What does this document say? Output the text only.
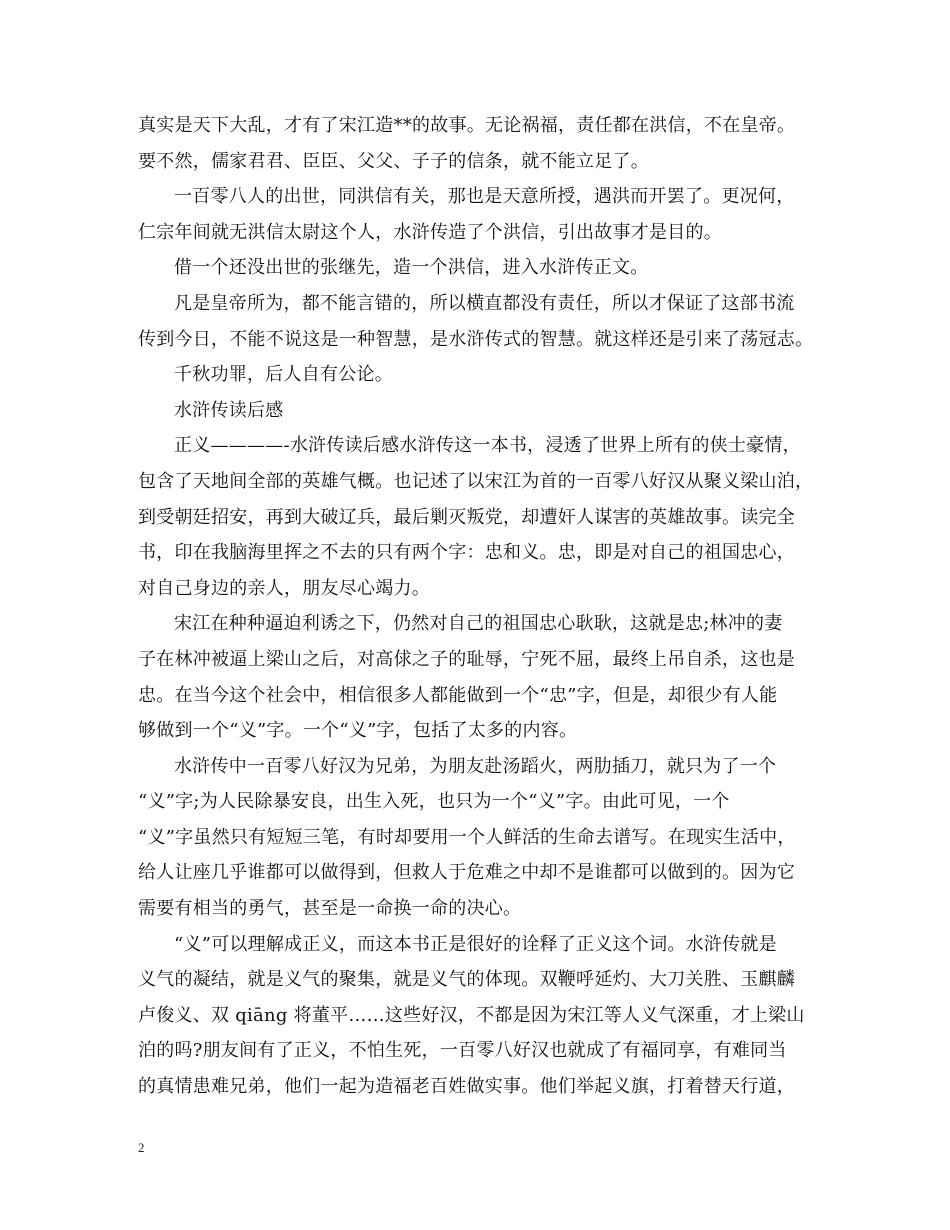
真实是天下大乱，才有了宋江造**的故事。无论祸福，责任都在洪信，不在皇帝。
要不然，儒家君君、臣臣、父父、子子的信条，就不能立足了。
一百零八人的出世，同洪信有关，那也是天意所授，遇洪而开罢了。更况何，
仁宗年间就无洪信太尉这个人，水浒传造了个洪信，引出故事才是目的。
借一个还没出世的张继先，造一个洪信，进入水浒传正文。
凡是皇帝所为，都不能言错的，所以横直都没有责任，所以才保证了这部书流
传到今日，不能不说这是一种智慧，是水浒传式的智慧。就这样还是引来了荡冠志。
千秋功罪，后人自有公论。
水浒传读后感
正义————-水浒传读后感水浒传这一本书，浸透了世界上所有的侠士豪情，
包含了天地间全部的英雄气概。也记述了以宋江为首的一百零八好汉从聚义梁山泊，
到受朝廷招安，再到大破辽兵，最后剿灭叛党，却遭奸人谋害的英雄故事。读完全
书，印在我脑海里挥之不去的只有两个字：忠和义。忠，即是对自己的祖国忠心，
对自己身边的亲人，朋友尽心竭力。
宋江在种种逼迫利诱之下，仍然对自己的祖国忠心耿耿，这就是忠;林冲的妻
子在林冲被逼上梁山之后，对高俅之子的耻辱，宁死不屈，最终上吊自杀，这也是
忠。在当今这个社会中，相信很多人都能做到一个“忠”字，但是，却很少有人能
够做到一个“义”字。一个“义”字，包括了太多的内容。
水浒传中一百零八好汉为兄弟，为朋友赴汤蹈火，两肋插刀，就只为了一个
“义”字;为人民除暴安良，出生入死，也只为一个“义”字。由此可见，一个
“义”字虽然只有短短三笔，有时却要用一个人鲜活的生命去谱写。在现实生活中，
给人让座几乎谁都可以做得到，但救人于危难之中却不是谁都可以做到的。因为它
需要有相当的勇气，甚至是一命换一命的决心。
“义”可以理解成正义，而这本书正是很好的诠释了正义这个词。水浒传就是
义气的凝结，就是义气的聚集，就是义气的体现。双鞭呼延灼、大刀关胜、玉麒麟
卢俊义、双 qiāng 将董平……这些好汉，不都是因为宋江等人义气深重，才上梁山
泊的吗?朋友间有了正义，不怕生死，一百零八好汉也就成了有福同享，有难同当
的真情患难兄弟，他们一起为造福老百姓做实事。他们举起义旗，打着替天行道，
2
